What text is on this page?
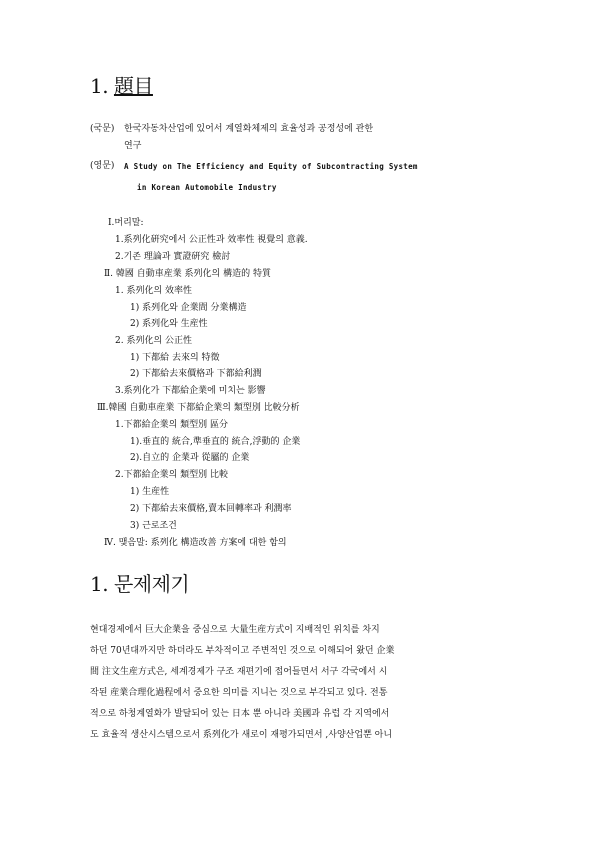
1. 題目
(국문) 한국자동차산업에 있어서 계열화체제의 효율성과 공정성에 관한
연구
(영문) A Study on The Efficiency and Equity of Subcontracting System
in Korean Automobile Industry
Ⅰ.머리말:
1.系列化硏究에서 公正性과 效率性 視覺의 意義.
2.기존 理論과 實證硏究 檢討
Ⅱ. 韓國 自動車産業 系列化의 構造的 特質
1. 系列化의 效率性
1) 系列化와 企業間 分業構造
2) 系列化와 生産性
2. 系列化의 公正性
1) 下都給 去來의 特徵
2) 下都給去來價格과 下都給利潤
3.系列化가 下都給企業에 미치는 影響
Ⅲ.韓國 自動車産業 下都給企業의 類型別 比較分析
1.下都給企業의 類型別 區分
1).垂直的 統合,準垂直的 統合,浮動的 企業
2).自立的 企業과 從屬的 企業
2.下都給企業의 類型別 比較
1) 生産性
2) 下都給去來價格,賣本回轉率과 利潤率
3) 근로조건
Ⅳ. 맺음말: 系列化 構造改善 方案에 대한 함의
1. 문제제기
현대경제에서 巨大企業을 중심으로 大量生産方式이 지배적인 위치를 차지
하던 70년대까지만 하더라도 부차적이고 주변적인 것으로 이해되어 왔던 企業
間 注文生産方式은, 세계경제가 구조 재편기에 접어들면서 서구 각국에서 시
작된 産業合理化過程에서 중요한 의미를 지니는 것으로 부각되고 있다. 전통
적으로 하청계열화가 발달되어 있는 日本 뿐 아니라 美國과 유럽 각 지역에서
도 효율적 생산시스템으로서 系列化가 새로이 재평가되면서 ,사양산업뿐 아니
